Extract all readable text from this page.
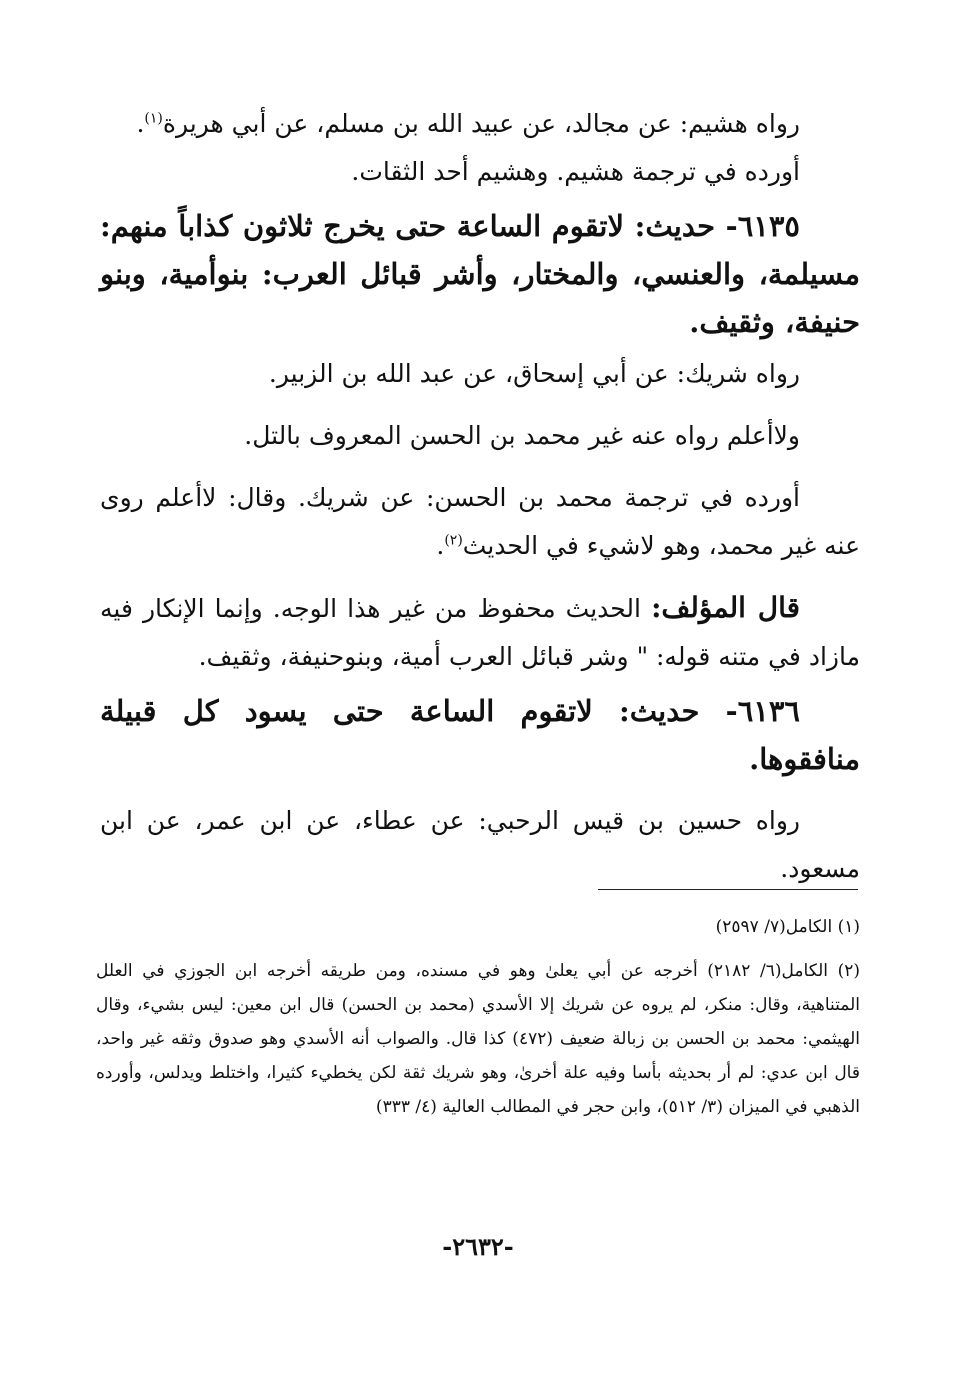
رواه هشيم: عن مجالد، عن عبيد الله بن مسلم، عن أبي هريرة$^{(١)}$.

أورده في ترجمة هشيم. وهشيم أحد الثقات.

٦١٣٥- حديث: لاتقوم الساعة حتى يخرج ثلاثون كذاباً منهم: مسيلمة، والعنسي، والمختار، وأشر قبائل العرب: بنوأمية، وبنو حنيفة، وثقيف.

رواه شريك: عن أبي إسحاق، عن عبد الله بن الزبير.

ولاأعلم رواه عنه غير محمد بن الحسن المعروف بالتل.

أورده في ترجمة محمد بن الحسن: عن شريك. وقال: لاأعلم روى عنه غير محمد، وهو لاشيء في الحديث$^{(٢)}$.

قال المؤلف: الحديث محفوظ من غير هذا الوجه. وإنما الإنكار فيه مازاد في متنه قوله: " وشر قبائل العرب أمية، وبنوحنيفة، وثقيف.

٦١٣٦- حديث: لاتقوم الساعة حتى يسود كل قبيلة منافقوها.

رواه حسين بن قيس الرحبي: عن عطاء، عن ابن عمر، عن ابن مسعود.

(١) الكامل(٧/ ٢٥٩٧)

(٢) الكامل(٦/ ٢١٨٢) أخرجه عن أبي يعلىٰ وهو في مسنده، ومن طريقه أخرجه ابن الجوزي في العلل المتناهية، وقال: منكر، لم يروه عن شريك إلا الأسدي (محمد بن الحسن) قال ابن معين: ليس بشيء، وقال الهيثمي: محمد بن الحسن بن زبالة ضعيف (٤٧٢) كذا قال. والصواب أنه الأسدي وهو صدوق وثقه غير واحد، قال ابن عدي: لم أر بحديثه بأسا وفيه علة أخرىٰ، وهو شريك ثقة لكن يخطيء كثيرا، واختلط ويدلس، وأورده الذهبي في الميزان (٣/ ٥١٢)، وابن حجر في المطالب العالية (٤/ ٣٣٣)

-٢٦٣٢-
